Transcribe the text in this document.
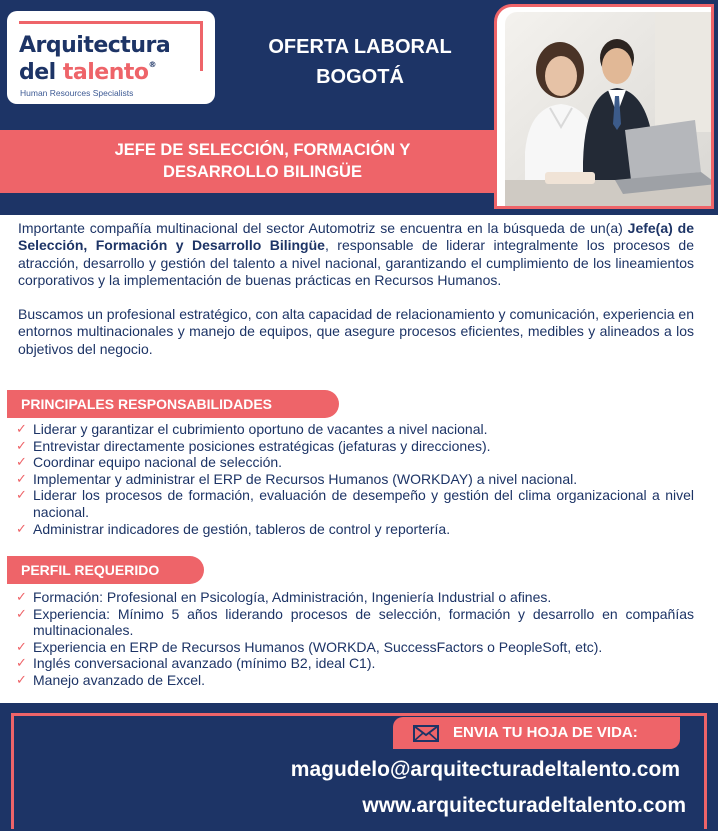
Arquitectura
del talento®
Human Resources Specialists
OFERTA LABORAL
BOGOTÁ
JEFE DE SELECCIÓN, FORMACIÓN Y
DESARROLLO BILINGÜE

Importante compañía multinacional del sector Automotriz se encuentra en la búsqueda de un(a) Jefe(a) de Selección, Formación y Desarrollo Bilingüe, responsable de liderar integralmente los procesos de atracción, desarrollo y gestión del talento a nivel nacional, garantizando el cumplimiento de los lineamientos corporativos y la implementación de buenas prácticas en Recursos Humanos.

Buscamos un profesional estratégico, con alta capacidad de relacionamiento y comunicación, experiencia en entornos multinacionales y manejo de equipos, que asegure procesos eficientes, medibles y alineados a los objetivos del negocio.

PRINCIPALES RESPONSABILIDADES
✓ Liderar y garantizar el cubrimiento oportuno de vacantes a nivel nacional.
✓ Entrevistar directamente posiciones estratégicas (jefaturas y direcciones).
✓ Coordinar equipo nacional de selección.
✓ Implementar y administrar el ERP de Recursos Humanos (WORKDAY) a nivel nacional.
✓ Liderar los procesos de formación, evaluación de desempeño y gestión del clima organizacional a nivel nacional.
✓ Administrar indicadores de gestión, tableros de control y reportería.
PERFIL REQUERIDO
✓ Formación: Profesional en Psicología, Administración, Ingeniería Industrial o afines.
✓ Experiencia: Mínimo 5 años liderando procesos de selección, formación y desarrollo en compañías multinacionales.
✓ Experiencia en ERP de Recursos Humanos (WORKDA, SuccessFactors o PeopleSoft, etc).
✓ Inglés conversacional avanzado (mínimo B2, ideal C1).
✓ Manejo avanzado de Excel.
ENVIA TU HOJA DE VIDA:
magudelo@arquitecturadeltalento.com
www.arquitecturadeltalento.com
